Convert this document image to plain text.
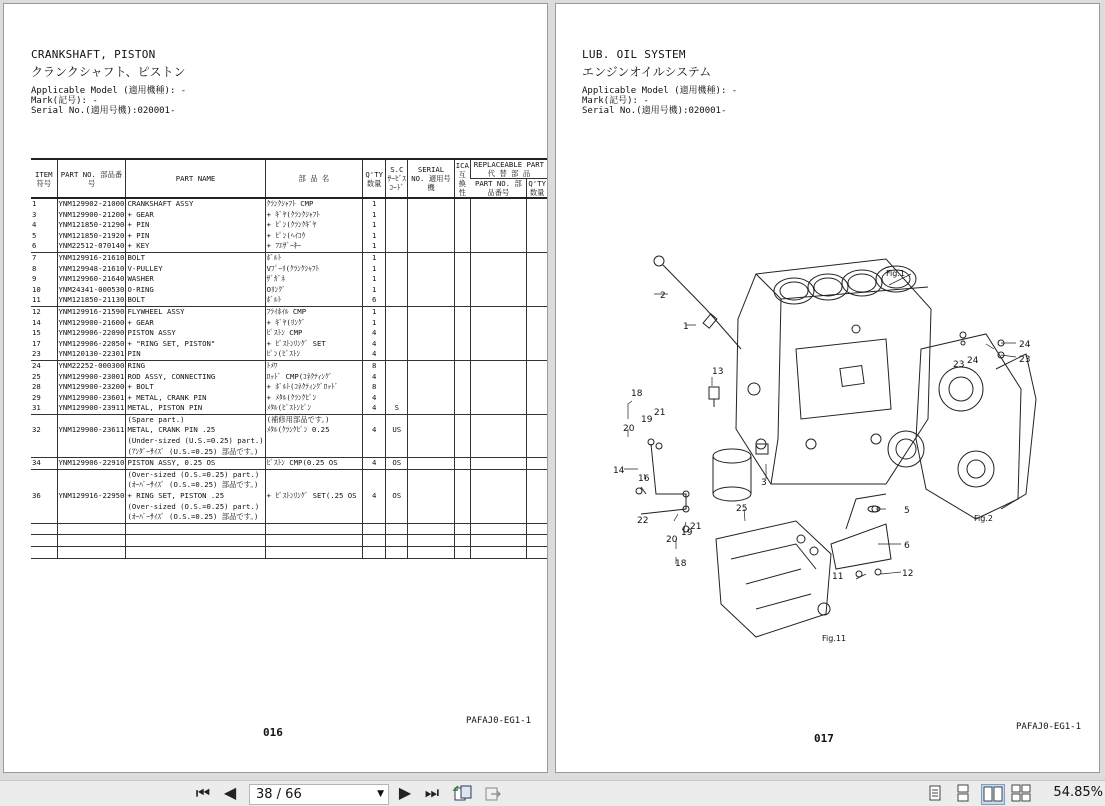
CRANKSHAFT, PISTON
クランクシャフト、ピストン
Applicable Model (適用機種): -
Mark(記号): -
Serial No.(適用号機):020001-
ITEM 符号	PART NO. 部品番号	PART NAME	部 品 名	Q'TY 数量	S.C ｻｰﾋﾞｽ ｺｰﾄﾞ	SERIAL NO. 適用号機	ICA 互換性	REPLACEABLE PART 代 替 部 品	
								PART NO. 部品番号	Q'TY 数量
1	YNM129902-21000	CRANKSHAFT ASSY	ｸﾗﾝｸｼｬﾌﾄ CMP	1					
3	YNM129900-21200	+ GEAR	+ ｷﾞﾔ(ｸﾗﾝｸｼｬﾌﾄ	1					
4	YNM121850-21290	+ PIN	+ ﾋﾟﾝ(ｸﾗﾝｸｷﾞﾔ	1					
5	YNM121850-21920	+ PIN	+ ﾋﾟﾝ(ﾍｲｺｳ	1					
6	YNM22512-070140	+ KEY	+ ﾌｴｻﾞｰｷｰ	1					
7	YNM129916-21610	BOLT	ﾎﾞﾙﾄ	1					
8	YNM129948-21610	V-PULLEY	Vﾌﾟｰﾘ(ｸﾗﾝｸｼｬﾌﾄ	1					
9	YNM129960-21640	WASHER	ｻﾞｶﾞﾈ	1					
10	YNM24341-000530	O-RING	Oﾘﾝｸﾞ	1					
11	YNM121850-21130	BOLT	ﾎﾞﾙﾄ	6					
12	YNM129916-21590	FLYWHEEL ASSY	ﾌﾗｲﾎｲﾙ CMP	1					
14	YNM129900-21600	+ GEAR	+ ｷﾞﾔ(ﾘﾝｸﾞ	1					
15	YNM129906-22090	PISTON ASSY	ﾋﾟｽﾄﾝ CMP	4					
17	YNM129906-22050	+ "RING SET, PISTON"	+ ﾋﾟｽﾄﾝﾘﾝｸﾞ SET	4					
23	YNM120130-22301	PIN	ﾋﾟﾝ(ﾋﾟｽﾄﾝ	4					
24	YNM22252-000300	RING	ﾄﾒﾜ	8					
25	YNM129900-23001	ROD ASSY, CONNECTING	ﾛｯﾄﾞ CMP(ｺﾈｸﾃｨﾝｸﾞ	4					
28	YNM129900-23200	+ BOLT	+ ﾎﾞﾙﾄ(ｺﾈｸﾃｨﾝｸﾞﾛｯﾄﾞ	8					
29	YNM129900-23601	+ METAL, CRANK PIN	+ ﾒﾀﾙ(ｸﾗﾝｸﾋﾟﾝ	4					
31	YNM129900-23911	METAL, PISTON PIN	ﾒﾀﾙ(ﾋﾟｽﾄﾝﾋﾟﾝ	4	S				
		(Spare part.)	(補修用部品です。)						
32	YNM129900-23611	METAL, CRANK PIN .25	ﾒﾀﾙ(ｸﾗﾝｸﾋﾟﾝ 0.25	4	US				
		(Under-sized (U.S.=0.25) part.)							
		(ｱﾝﾀﾞｰｻｲｽﾞ (U.S.=0.25) 部品です。)							
34	YNM129906-22910	PISTON ASSY, 0.25 OS	ﾋﾟｽﾄﾝ CMP(0.25 OS	4	OS				
		(Over-sized (O.S.=0.25) part.)							
		(ｵｰﾊﾞｰｻｲｽﾞ (O.S.=0.25) 部品です。)							
36	YNM129916-22950	+ RING SET, PISTON .25	+ ﾋﾟｽﾄﾝﾘﾝｸﾞ SET(.25 OS	4	OS				
		(Over-sized (O.S.=0.25) part.)							
		(ｵｰﾊﾞｰｻｲｽﾞ (O.S.=0.25) 部品です。)							

PAFAJ0-EG1-1
016
LUB. OIL SYSTEM
エンジンオイルシステム
Applicable Model (適用機種): -
Mark(記号): -
Serial No.(適用号機):020001-
1
2
3
5
6
11	12
13
14
16
18
18
19
19
20
20
21
21
22
23 24	23
24
25
Fig.1
Fig.2
Fig.11
PAFAJ0-EG1-1
017
⏮ ◀ 38 / 66	▼ ▶ ⏭	54.85%
